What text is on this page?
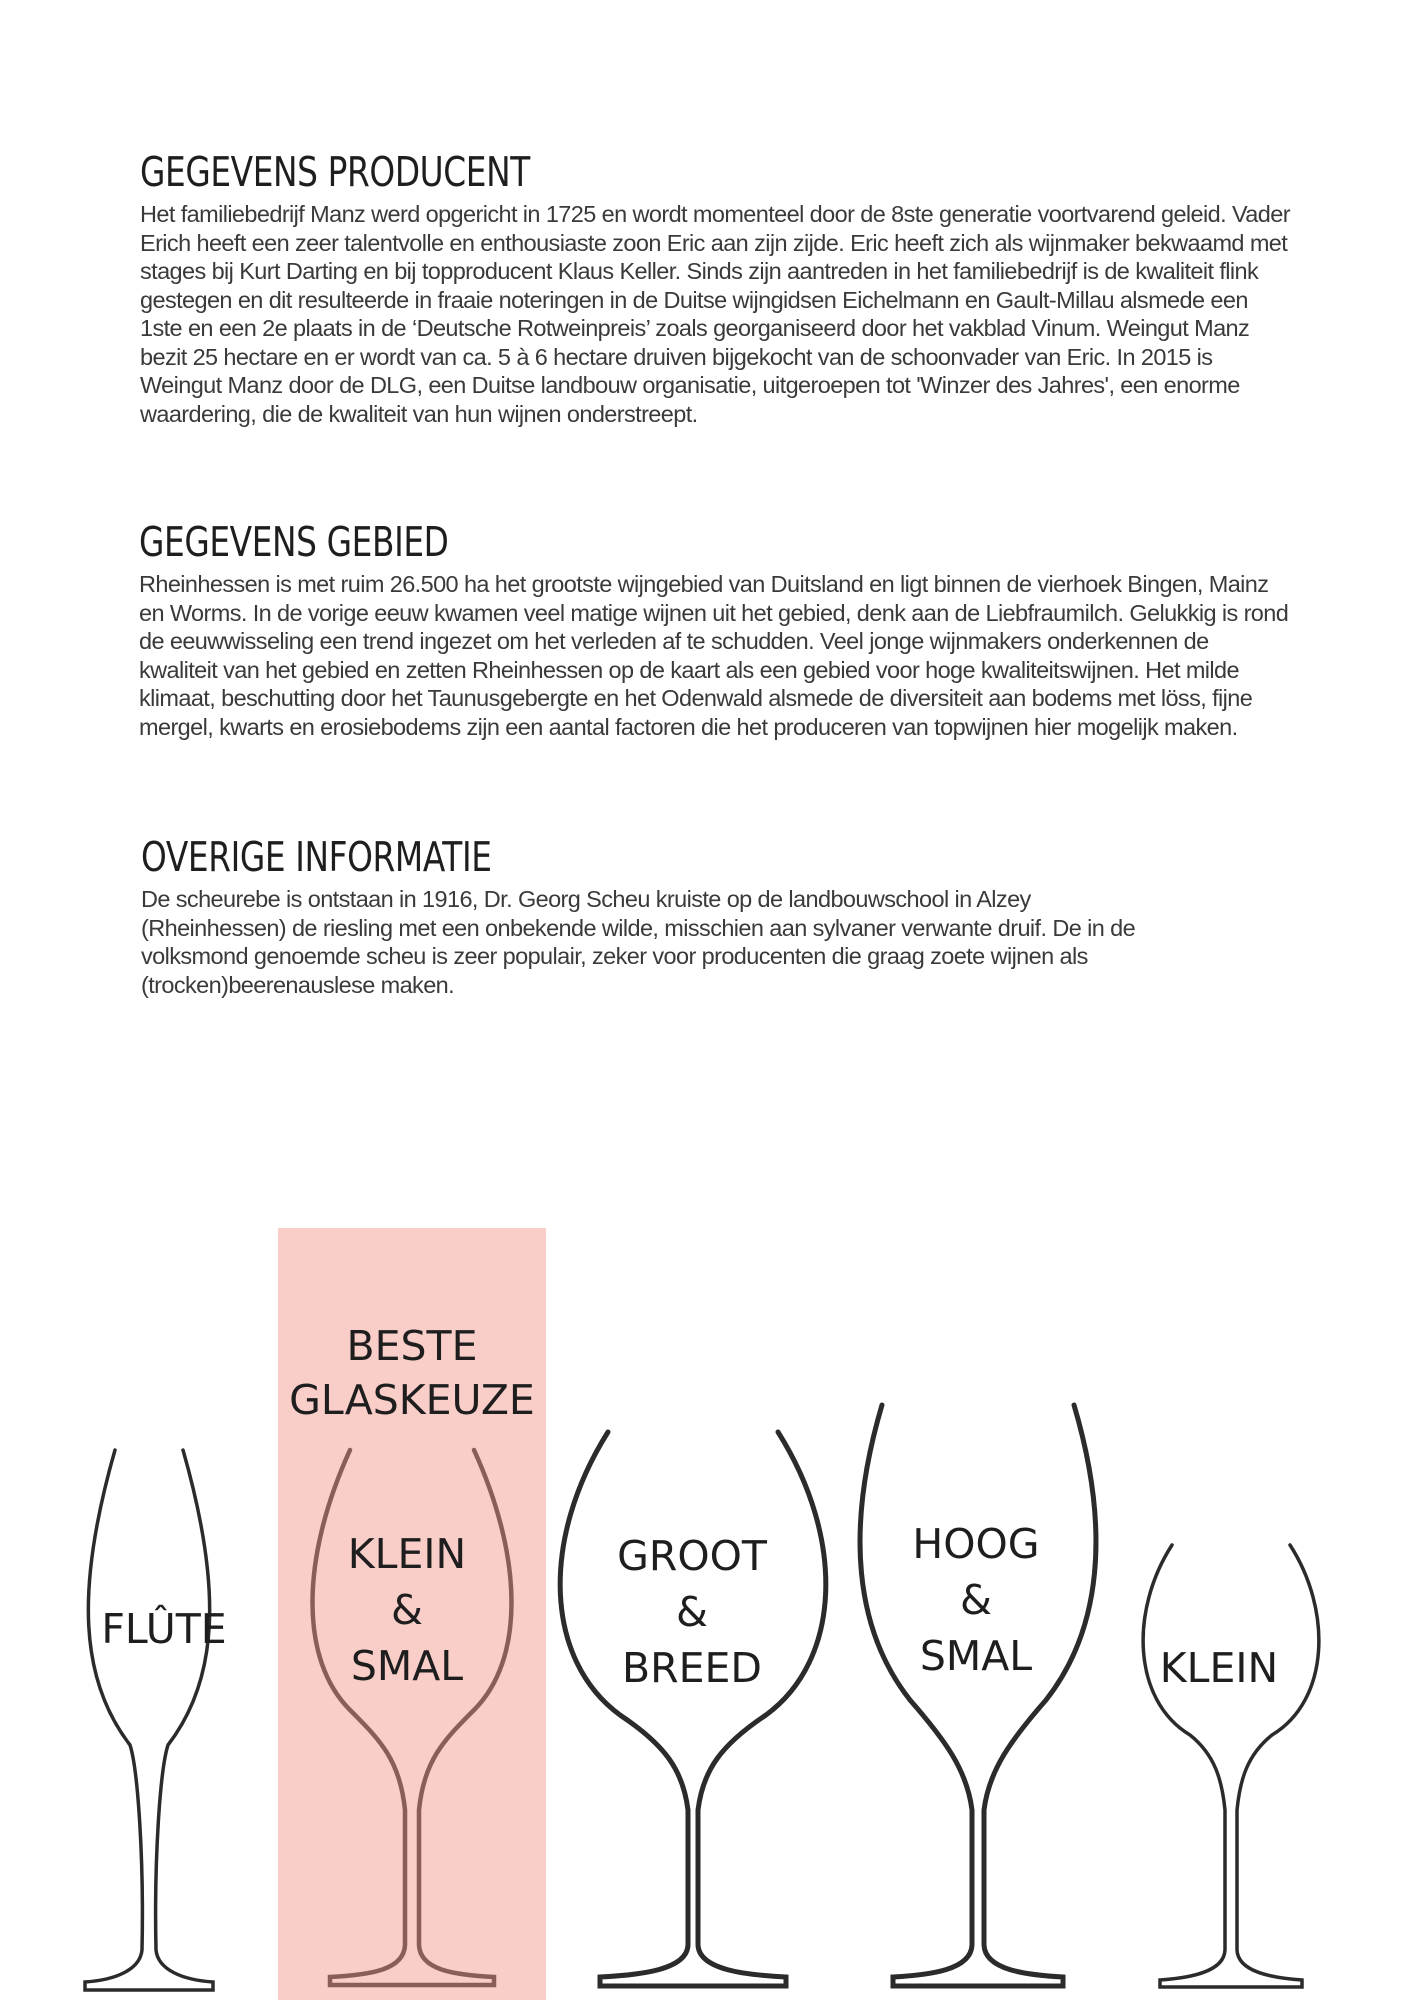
GEGEVENS PRODUCENT

Het familiebedrijf Manz werd opgericht in 1725 en wordt momenteel door de 8ste generatie voortvarend geleid. Vader Erich heeft een zeer talentvolle en enthousiaste zoon Eric aan zijn zijde. Eric heeft zich als wijnmaker bekwaamd met stages bij Kurt Darting en bij topproducent Klaus Keller. Sinds zijn aantreden in het familiebedrijf is de kwaliteit flink gestegen en dit resulteerde in fraaie noteringen in de Duitse wijngidsen Eichelmann en Gault-Millau alsmede een 1ste en een 2e plaats in de ‘Deutsche Rotweinpreis’ zoals georganiseerd door het vakblad Vinum. Weingut Manz bezit 25 hectare en er wordt van ca. 5 à 6 hectare druiven bijgekocht van de schoonvader van Eric. In 2015 is Weingut Manz door de DLG, een Duitse landbouw organisatie, uitgeroepen tot 'Winzer des Jahres', een enorme waardering, die de kwaliteit van hun wijnen onderstreept.

GEGEVENS GEBIED

Rheinhessen is met ruim 26.500 ha het grootste wijngebied van Duitsland en ligt binnen de vierhoek Bingen, Mainz en Worms. In de vorige eeuw kwamen veel matige wijnen uit het gebied, denk aan de Liebfraumilch. Gelukkig is rond de eeuwwisseling een trend ingezet om het verleden af te schudden. Veel jonge wijnmakers onderkennen de kwaliteit van het gebied en zetten Rheinhessen op de kaart als een gebied voor hoge kwaliteitswijnen. Het milde klimaat, beschutting door het Taunusgebergte en het Odenwald alsmede de diversiteit aan bodems met löss, fijne mergel, kwarts en erosiebodems zijn een aantal factoren die het produceren van topwijnen hier mogelijk maken.

OVERIGE INFORMATIE

De scheurebe is ontstaan in 1916, Dr. Georg Scheu kruiste op de landbouwschool in Alzey (Rheinhessen) de riesling met een onbekende wilde, misschien aan sylvaner verwante druif. De in de volksmond genoemde scheu is zeer populair, zeker voor producenten die graag zoete wijnen als (trocken)beerenauslese maken.

BESTE
GLASKEUZE
FLÛTE
KLEIN
&
SMAL
GROOT
&
BREED
HOOG
&
SMAL	KLEIN
